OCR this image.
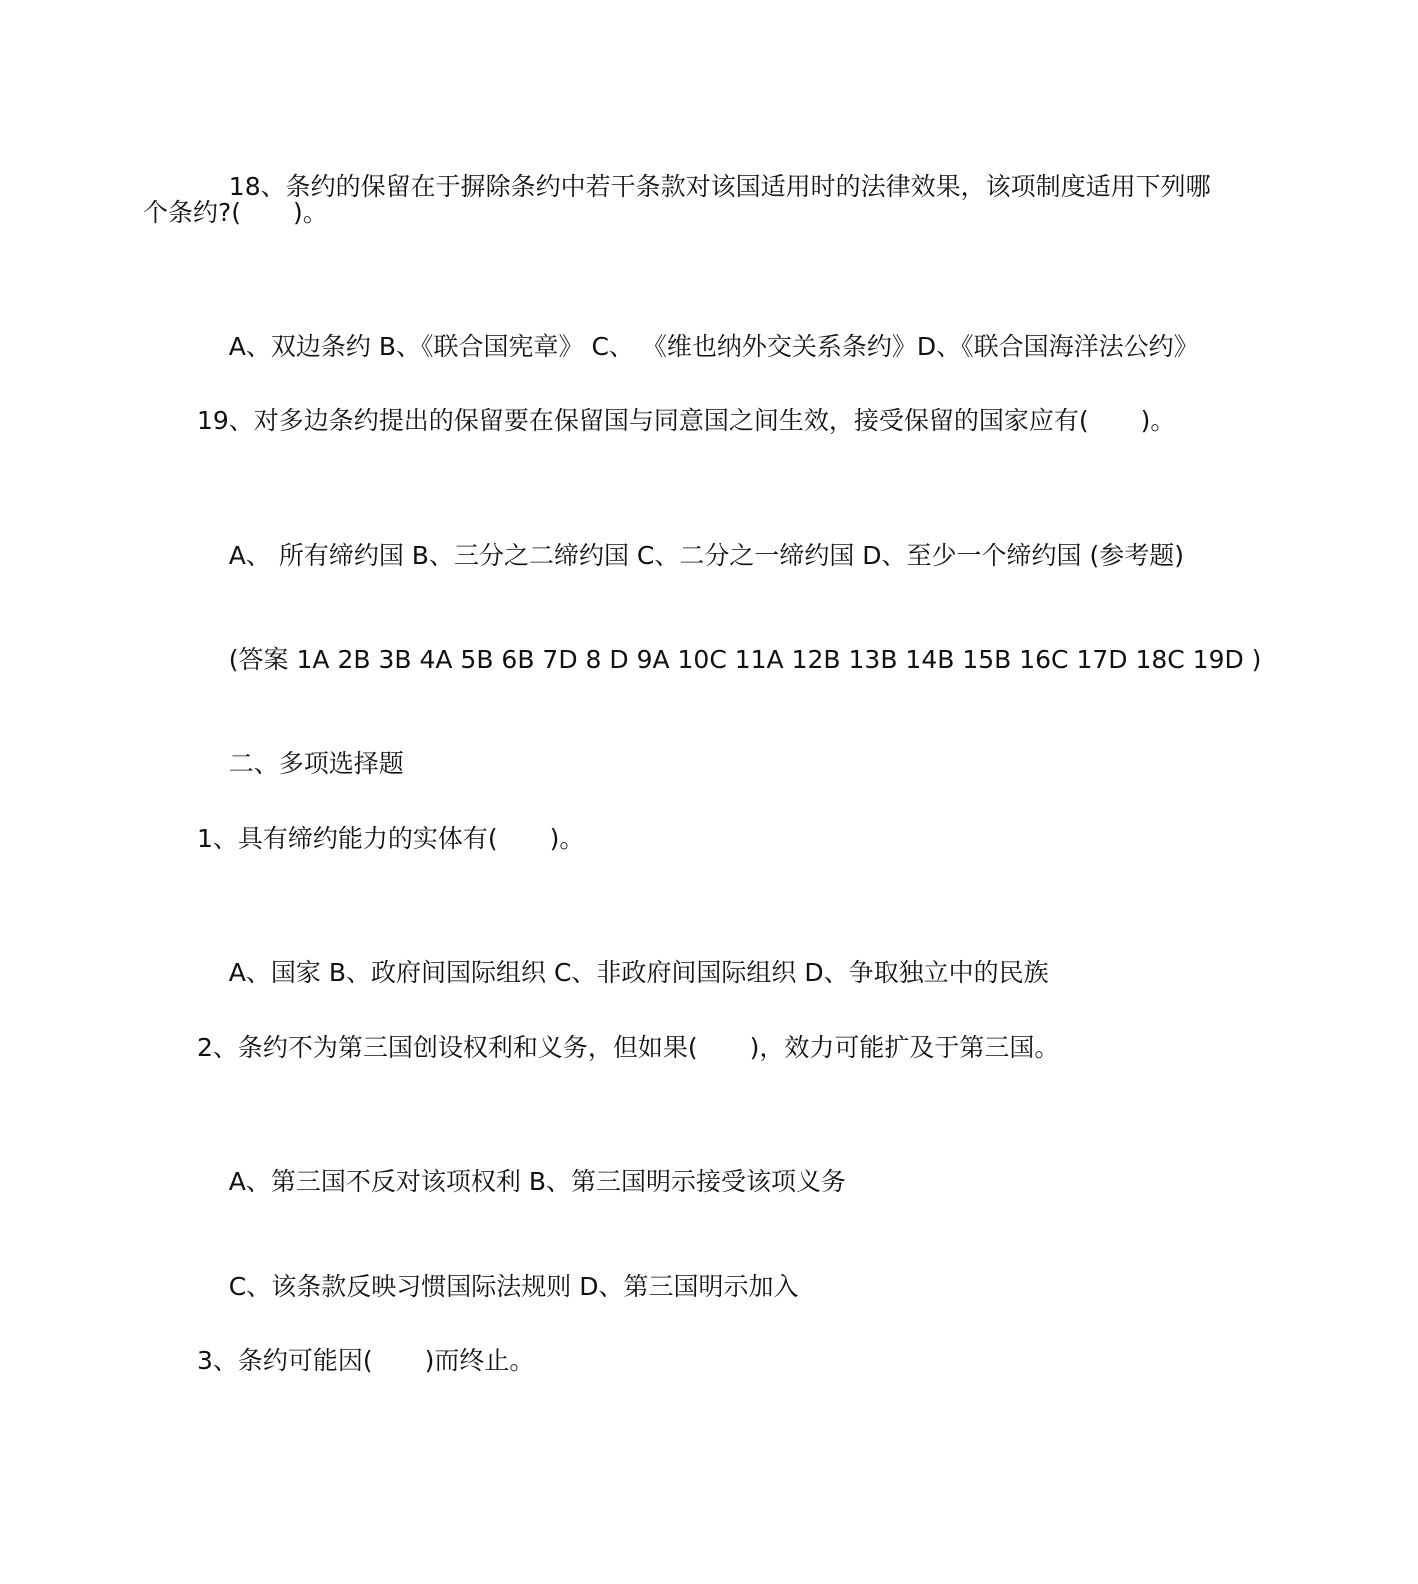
18、条约的保留在于摒除条约中若干条款对该国适用时的法律效果，该项制度适用下列哪

个条约?( )。

A、双边条约 B、《联合国宪章》 C、 《维也纳外交关系条约》D、《联合国海洋法公约》

19、对多边条约提出的保留要在保留国与同意国之间生效，接受保留的国家应有( )。

A、 所有缔约国 B、三分之二缔约国 C、二分之一缔约国 D、至少一个缔约国 (参考题)

(答案 1A 2B 3B 4A 5B 6B 7D 8 D 9A 10C 11A 12B 13B 14B 15B 16C 17D 18C 19D )

二、多项选择题

1、具有缔约能力的实体有( )。

A、国家 B、政府间国际组织 C、非政府间国际组织 D、争取独立中的民族

2、条约不为第三国创设权利和义务，但如果( )，效力可能扩及于第三国。

A、第三国不反对该项权利 B、第三国明示接受该项义务

C、该条款反映习惯国际法规则 D、第三国明示加入

3、条约可能因( )而终止。
